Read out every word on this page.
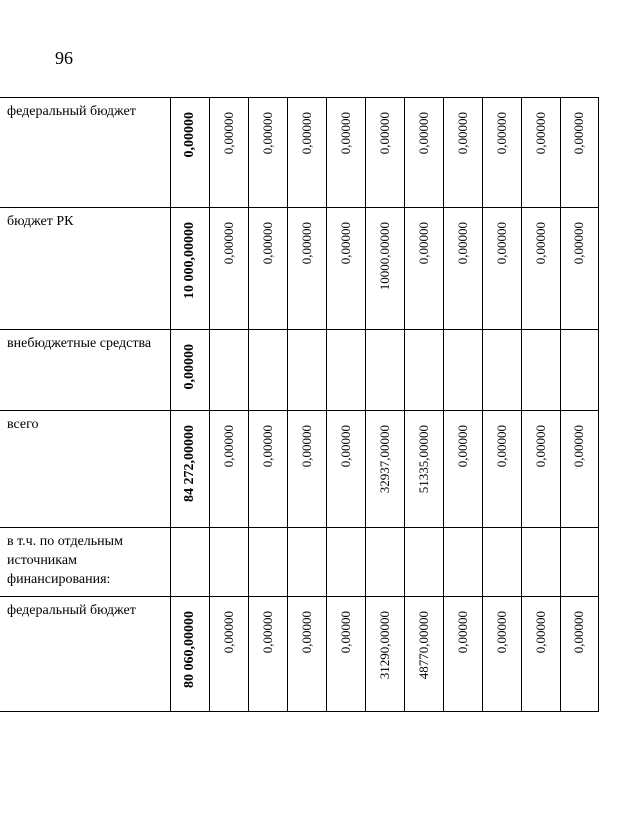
96
федеральный бюджет	0,00000	0,00000	0,00000	0,00000	0,00000	0,00000	0,00000	0,00000	0,00000	0,00000	0,00000
бюджет РК	10 000,00000	0,00000	0,00000	0,00000	0,00000	10000,00000	0,00000	0,00000	0,00000	0,00000	0,00000
внебюджетные средства	0,00000										
всего	84 272,00000	0,00000	0,00000	0,00000	0,00000	32937,00000	51335,00000	0,00000	0,00000	0,00000	0,00000
в т.ч. по отдельным источникам финансирования:											
федеральный бюджет	80 060,00000	0,00000	0,00000	0,00000	0,00000	31290,00000	48770,00000	0,00000	0,00000	0,00000	0,00000
